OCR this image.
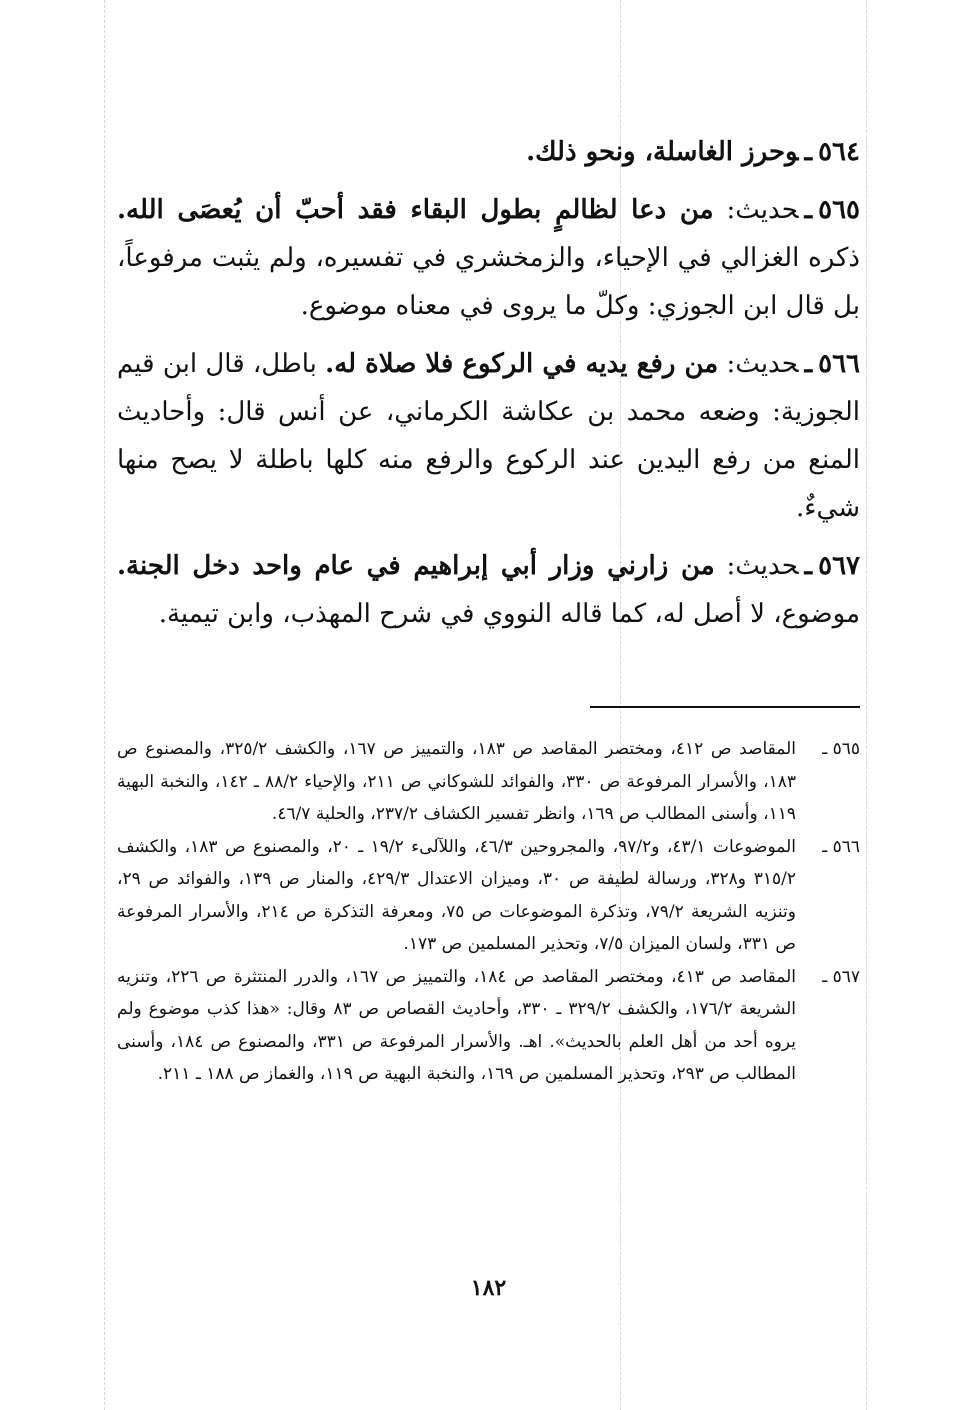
٥٦٤ـوحرز الغاسلة، ونحو ذلك.

٥٦٥ـحديث: من دعا لظالمٍ بطول البقاء فقد أحبّ أن يُعصَى الله. ذكره الغزالي في الإحياء، والزمخشري في تفسيره، ولم يثبت مرفوعاً، بل قال ابن الجوزي: وكلّ ما يروى في معناه موضوع.

٥٦٦ـحديث: من رفع يديه في الركوع فلا صلاة له. باطل، قال ابن قيم الجوزية: وضعه محمد بن عكاشة الكرماني، عن أنس قال: وأحاديث المنع من رفع اليدين عند الركوع والرفع منه كلها باطلة لا يصح منها شيءٌ.

٥٦٧ـحديث: من زارني وزار أبي إبراهيم في عام واحد دخل الجنة. موضوع، لا أصل له، كما قاله النووي في شرح المهذب، وابن تيمية.

٥٦٥ ـ
المقاصد ص ٤١٢، ومختصر المقاصد ص ١٨٣، والتمييز ص ١٦٧، والكشف ٣٢٥/٢، والمصنوع ص ١٨٣، والأسرار المرفوعة ص ٣٣٠، والفوائد للشوكاني ص ٢١١، والإحياء ٨٨/٢ ـ ١٤٢، والنخبة البهية ١١٩، وأسنى المطالب ص ١٦٩، وانظر تفسير الكشاف ٢٣٧/٢، والحلية ٤٦/٧.
٥٦٦ ـ
الموضوعات ٤٣/١، و٩٧/٢، والمجروحين ٤٦/٣، واللآلىء ١٩/٢ ـ ٢٠، والمصنوع ص ١٨٣، والكشف ٣١٥/٢ و٣٢٨، ورسالة لطيفة ص ٣٠، وميزان الاعتدال ٤٢٩/٣، والمنار ص ١٣٩، والفوائد ص ٢٩، وتنزيه الشريعة ٧٩/٢، وتذكرة الموضوعات ص ٧٥، ومعرفة التذكرة ص ٢١٤، والأسرار المرفوعة ص ٣٣١، ولسان الميزان ٧/٥، وتحذير المسلمين ص ١٧٣.
٥٦٧ ـ
المقاصد ص ٤١٣، ومختصر المقاصد ص ١٨٤، والتمييز ص ١٦٧، والدرر المنتثرة ص ٢٢٦، وتنزيه الشريعة ١٧٦/٢، والكشف ٣٢٩/٢ ـ ٣٣٠، وأحاديث القصاص ص ٨٣ وقال: «هذا كذب موضوع ولم يروه أحد من أهل العلم بالحديث». اهـ. والأسرار المرفوعة ص ٣٣١، والمصنوع ص ١٨٤، وأسنى المطالب ص ٢٩٣، وتحذير المسلمين ص ١٦٩، والنخبة البهية ص ١١٩، والغماز ص ١٨٨ ـ ٢١١.
١٨٢
